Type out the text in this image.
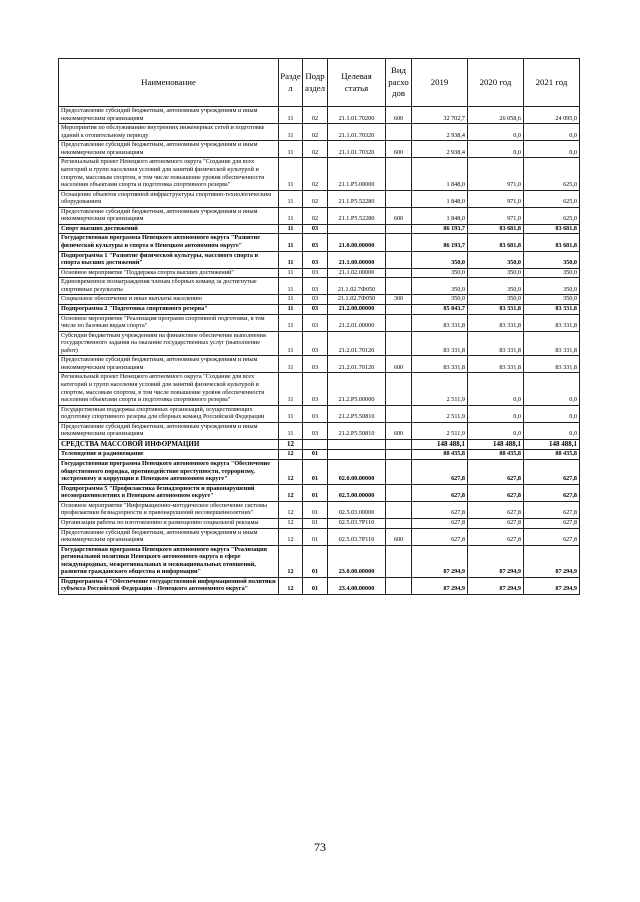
Наименование	Разде л	Подр аздел	Целевая статья	Вид расхо дов	2019	2020 год	2021 год
Предоставление субсидий бюджетным, автономным учреждениям и иным некоммерческим организациям	11	02	21.1.01.70200	600	32 702,7	26 058,6	24 095,0
Мероприятия по обслуживанию внутренних инженерных сетей и подготовке зданий к отопительному периоду	11	02	21.1.01.70320		2 938,4	0,0	0,0
Предоставление субсидий бюджетным, автономным учреждениям и иным некоммерческим организациям	11	02	21.1.01.70320	600	2 938,4	0,0	0,0
Региональный проект Ненецкого автономного округа "Создание для всех категорий и групп населения условий для занятий физической культурой и спортом, массовым спортом, в том числе повышение уровня обеспеченности населения объектами спорта и подготовка спортивного резерва"	11	02	21.1.P5.00000		1 848,0	971,0	625,0
Оснащение объектов спортивной инфраструктуры спортивно-технологическим оборудованием	11	02	21.1.P5.52280		1 848,0	971,0	625,0
Предоставление субсидий бюджетным, автономным учреждениям и иным некоммерческим организациям	11	02	21.1.P5.52280	600	1 848,0	971,0	625,0
Спорт высших достижений	11	03			86 193,7	83 681,8	83 681,8
Государственная программа Ненецкого автономного округа "Развитие физической культуры и спорта в Ненецком автономном округе"	11	03	21.0.00.00000		86 193,7	83 681,8	83 681,8
Подпрограмма 1 "Развитие физической культуры, массового спорта и спорта высших достижений"	11	03	21.1.00.00000		350,0	350,0	350,0
Основное мероприятие "Поддержка спорта высших достижений"	11	03	21.1.02.00000		350,0	350,0	350,0
Единовременное вознаграждения членам сборных команд за достигнутые спортивные результаты	11	03	21.1.02.7Ф050		350,0	350,0	350,0
Социальное обеспечение и иные выплаты населению	11	03	21.1.02.7Ф050	300	350,0	350,0	350,0
Подпрограмма 2 "Подготовка спортивного резерва"	11	03	21.2.00.00000		85 843,7	83 331,8	83 331,8
Основное мероприятие "Реализация программ спортивной подготовки, в том числе по базовым видам спорта"	11	03	21.2.01.00000		83 331,8	83 331,8	83 331,8
Субсидии бюджетным учреждениям на финансовое обеспечение выполнения государственного задания на оказание государственных услуг (выполнение работ)	11	03	21.2.01.70120		83 331,8	83 331,8	83 331,8
Предоставление субсидий бюджетным, автономным учреждениям и иным некоммерческим организациям	11	03	21.2.01.70120	600	83 331,8	83 331,8	83 331,8
Региональный проект Ненецкого автономного округа "Создание для всех категорий и групп населения условий для занятий физической культурой и спортом, массовым спортом, в том числе повышение уровня обеспеченности населения объектами спорта и подготовка спортивного резерва"	11	03	21.2.P5.00000		2 511,9	0,0	0,0
Государственная поддержка спортивных организаций, осуществляющих подготовку спортивного резерва для сборных команд Российской Федерации	11	03	21.2.P5.50810		2 511,9	0,0	0,0
Предоставление субсидий бюджетным, автономным учреждениям и иным некоммерческим организациям	11	03	21.2.P5.50810	600	2 511,9	0,0	0,0
СРЕДСТВА МАССОВОЙ ИНФОРМАЦИИ	12				148 488,1	148 488,1	148 488,1
Телевидение и радиовещание	12	01			88 435,8	88 435,8	88 435,8
Государственная программа Ненецкого автономного округа "Обеспечение общественного порядка, противодействие преступности, терроризму, экстремизму и коррупции в Ненецком автономном округе"	12	01	02.0.00.00000		627,8	627,8	627,8
Подпрограмма 5 "Профилактика безнадзорности и правонарушений несовершеннолетних в Ненецком автономном округе"	12	01	02.5.00.00000		627,8	627,8	627,8
Основное мероприятие "Информационно-методическое обеспечение системы профилактики безнадзорности и правонарушений несовершеннолетних"	12	01	02.5.03.00000		627,8	627,8	627,8
Организация работы по изготовлению и размещению социальной рекламы	12	01	02.5.03.7Р110		627,8	627,8	627,8
Предоставление субсидий бюджетным, автономным учреждениям и иным некоммерческим организациям	12	01	02.5.03.7Р110	600	627,8	627,8	627,8
Государственная программа Ненецкого автономного округа "Реализация региональной политики Ненецкого автономного округа в сфере международных, межрегиональных и межнациональных отношений, развития гражданского общества и информации"	12	01	23.0.00.00000		87 294,9	87 294,9	87 294,9
Подпрограмма 4 "Обеспечение государственной информационной политики субъекта Российской Федерации - Ненецкого автономного округа"	12	01	23.4.00.00000		87 294,9	87 294,9	87 294,9
73
